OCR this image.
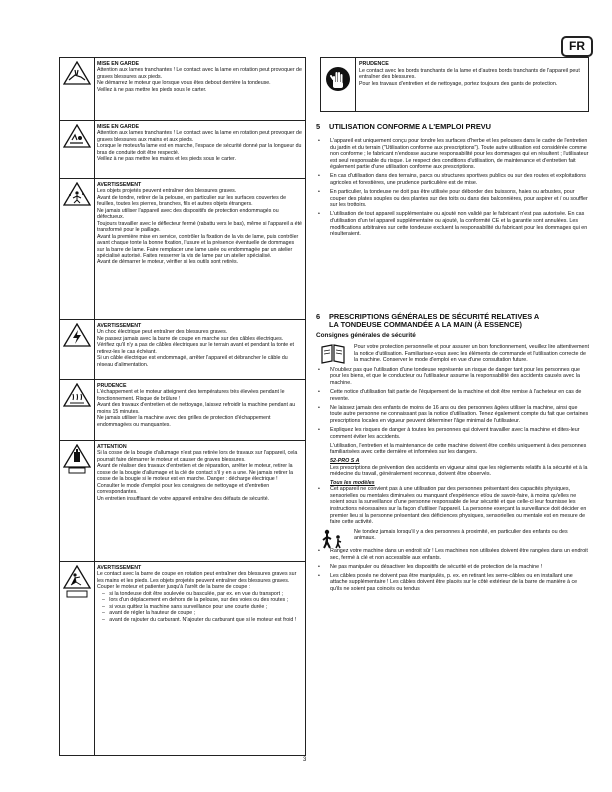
FR
MISE EN GARDE

Attention aux lames tranchantes ! Le contact avec la lame en rotation peut provoquer de graves blessures aux pieds.

Ne démarrez le moteur que lorsque vous êtes debout derrière la tondeuse.

Veillez à ne pas mettre les pieds sous le carter.

MISE EN GARDE

Attention aux lames tranchantes ! Le contact avec la lame en rotation peut provoquer de graves blessures aux mains et aux pieds.

Lorsque le moteur/la lame est en marche, l'espace de sécurité donné par la longueur du bras de conduite doit être respecté.

Veillez à ne pas mettre les mains et les pieds sous le carter.

AVERTISSEMENT

Les objets projetés peuvent entraîner des blessures graves.

Avant de tondre, retirer de la pelouse, en particulier sur les surfaces couvertes de feuilles, toutes les pierres, branches, fils et autres objets étrangers.

Ne jamais utiliser l'appareil avec des dispositifs de protection endommagés ou défectueux.

Toujours travailler avec le déflecteur fermé (rabattu vers le bas), même si l'appareil a été transformé pour le paillage.

Avant la première mise en service, contrôler la fixation de la vis de lame, puis contrôler avant chaque tonte la bonne fixation, l'usure et la présence éventuelle de dommages sur la barre de lame. Faire remplacer une lame usée ou endommagée par un atelier spécialisé autorisé. Faites resserrer la vis de lame par un atelier spécialisé.

Avant de démarrer le moteur, vérifier si les outils sont retirés.

AVERTISSEMENT

Un choc électrique peut entraîner des blessures graves.

Ne passez jamais avec la barre de coupe en marche sur des câbles électriques.

Vérifiez qu'il n'y a pas de câbles électriques sur le terrain avant et pendant la tonte et retirez-les le cas échéant.

Si un câble électrique est endommagé, arrêter l'appareil et débrancher le câble du réseau d'alimentation.

PRUDENCE

L'échappement et le moteur atteignent des températures très élevées pendant le fonctionnement. Risque de brûlure !

Avant des travaux d'entretien et de nettoyage, laissez refroidir la machine pendant au moins 15 minutes.

Ne jamais utiliser la machine avec des grilles de protection d'échappement endommagées ou manquantes.

ATTENTION

Si la cosse de la bougie d'allumage n'est pas retirée lors de travaux sur l'appareil, cela pourrait faire démarrer le moteur et causer de graves blessures.

Avant de réaliser des travaux d'entretien et de réparation, arrêter le moteur, retirer la cosse de la bougie d'allumage et la clé de contact s'il y en a une. Ne jamais retirer la cosse de la bougie si le moteur est en marche. Danger : décharge électrique !

Consulter le mode d'emploi pour les consignes de nettoyage et d'entretien correspondantes.

Un entretien insuffisant de votre appareil entraîne des défauts de sécurité.

AVERTISSEMENT

Le contact avec la barre de coupe en rotation peut entraîner des blessures graves sur les mains et les pieds. Les objets projetés peuvent entraîner des blessures graves.

Couper le moteur et patienter jusqu'à l'arrêt de la barre de coupe :

–   si la tondeuse doit être soulevée ou basculée, par ex. en vue du transport ;

–   lors d'un déplacement en dehors de la pelouse, sur des voies ou des routes ;

–   si vous quittez la machine sans surveillance pour une courte durée ;

–   avant de régler la hauteur de coupe ;

–   avant de rajouter du carburant. N'ajouter du carburant que si le moteur est froid !

PRUDENCE

Le contact avec les bords tranchants de la lame et d'autres bords tranchants de l'appareil peut entraîner des blessures.

Pour les travaux d'entretien et de nettoyage, portez toujours des gants de protection.

5 UTILISATION CONFORME A L'EMPLOI PREVU

• L'appareil est uniquement conçu pour tondre les surfaces d'herbe et les pelouses dans le cadre de l'entretien du jardin et du terrain ("Utilisation conforme aux prescriptions"). Toute autre utilisation est considérée comme non conforme ; le fabricant n'endosse aucune responsabilité pour les dommages qui en résultent ; l'utilisateur est seul responsable du risque. Le respect des conditions d'utilisation, de maintenance et d'entretien fait également partie d'une utilisation conforme aux prescriptions.

• En cas d'utilisation dans des terrains, parcs ou structures sportives publics ou sur des routes et exploitations agricoles et forestières, une prudence particulière est de mise.

• En particulier, la tondeuse ne doit pas être utilisée pour déborder des buissons, haies ou arbustes, pour couper des plates souples ou des plantes sur des toits ou dans des balconnières, pour aspirer et / ou souffler sur les trottoirs.

• L'utilisation de tout appareil supplémentaire ou ajouté non validé par le fabricant n'est pas autorisée. En cas d'utilisation d'un tel appareil supplémentaire ou ajouté, la conformité CE et la garantie sont annulées. Les modifications arbitraires sur cette tondeuse excluent la responsabilité du fabricant pour les dommages qui en résulteraient.

6 PRESCRIPTIONS GÉNÉRALES DE SÉCURITÉ RELATIVES A
LA TONDEUSE COMMANDÉE A LA MAIN (À ESSENCE)
Consignes générales de sécurité
Pour votre protection personnelle et pour assurer un bon fonctionnement, veuillez lire attentivement la notice d'utilisation. Familiarisez-vous avec les éléments de commande et l'utilisation correcte de la machine. Conserver le mode d'emploi en vue d'une consultation future.

• N'oubliez pas que l'utilisation d'une tondeuse représente un risque de danger tant pour les personnes que pour les biens, et que le conducteur ou l'utilisateur assume la responsabilité des accidents causés avec la machine.

• Cette notice d'utilisation fait partie de l'équipement de la machine et doit être remise à l'acheteur en cas de revente.

• Ne laissez jamais des enfants de moins de 16 ans ou des personnes âgées utiliser la machine, ainsi que toute autre personne ne connaissant pas la notice d'utilisation. Tenez également compte du fait que certaines prescriptions locales en vigueur peuvent déterminer l'âge minimal de l'utilisateur.

• Expliquez les risques de danger à toutes les personnes qui doivent travailler avec la machine et dites-leur comment éviter les accidents.

L'utilisation, l'entretien et la maintenance de cette machine doivent être confiés uniquement à des personnes familiarisées avec cette dernière et informées sur les dangers.

52-PRO S A

Les prescriptions de prévention des accidents en vigueur ainsi que les règlements relatifs à la sécurité et à la médecine du travail, généralement reconnus, doivent être observés.

Tous les modèles

• Cet appareil ne convient pas à une utilisation par des personnes présentant des capacités physiques, sensorielles ou mentales diminuées ou manquant d'expérience et/ou de savoir-faire, à moins qu'elles ne soient sous la surveillance d'une personne responsable de leur sécurité et que celle-ci leur fournisse les instructions nécessaires sur la façon d'utiliser l'appareil. La personne exerçant la surveillance doit décider en premier lieu si la personne présentant des déficiences physiques, sensorielles ou mentale est en mesure de faire cette activité.

Ne tondez jamais lorsqu'il y a des personnes à proximité, en particulier des enfants ou des animaux.

• Rangez votre machine dans un endroit sûr ! Les machines non utilisées doivent être rangées dans un endroit sec, fermé à clé et non accessible aux enfants.

• Ne pas manipuler ou désactiver les dispositifs de sécurité et de protection de la machine !

• Les câbles posés ne doivent pas être manipulés, p. ex. en retirant les serre-câbles ou en installant une attache supplémentaire ! Les câbles doivent être placés sur le côté extérieur de la barre de manière à ce qu'ils ne soient pas coincés ou tendus

3
